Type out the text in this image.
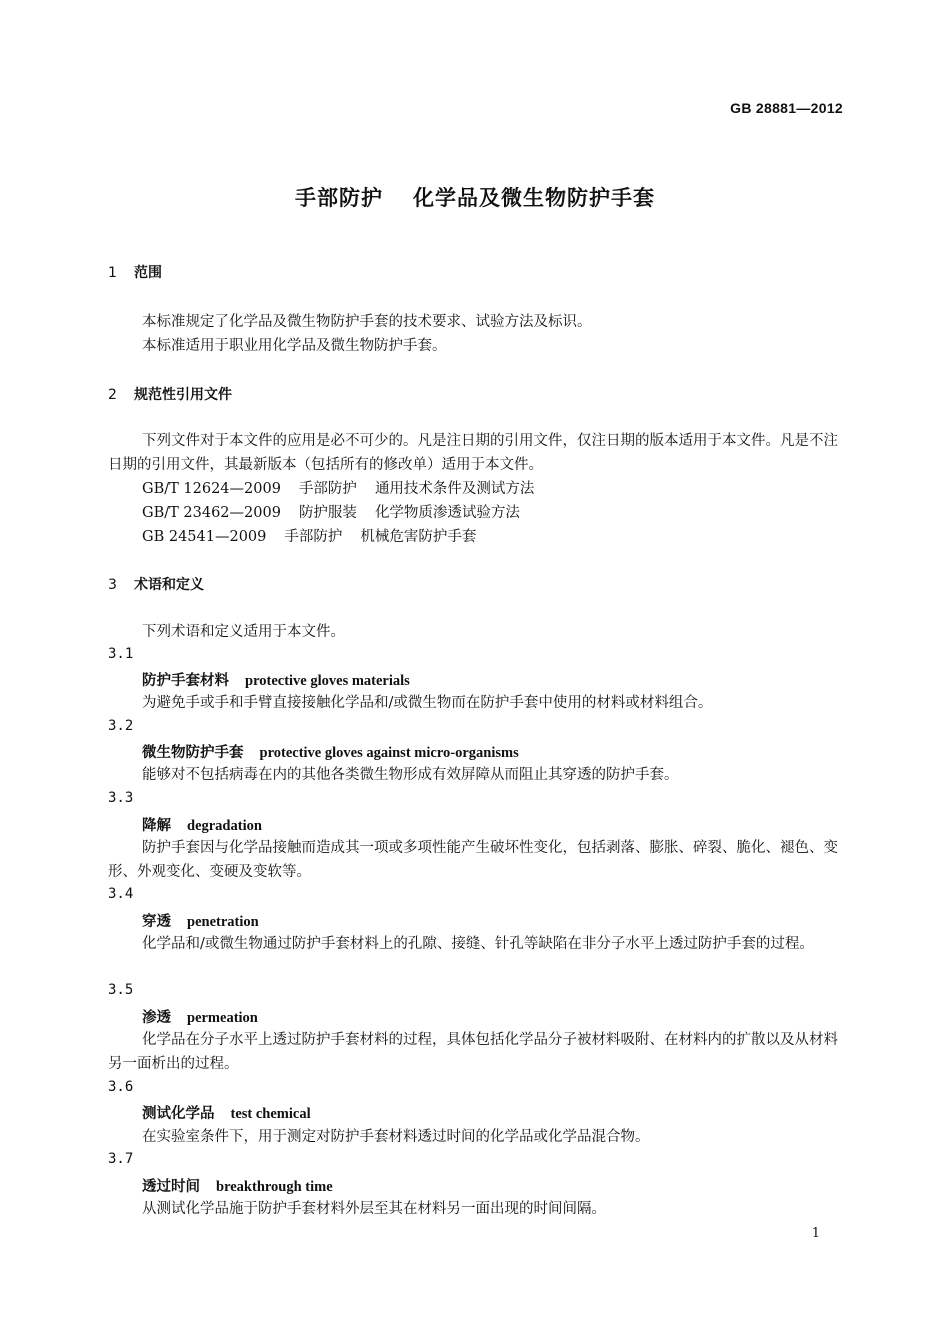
GB 28881—2012
手部防护 化学品及微生物防护手套
1 范围
本标准规定了化学品及微生物防护手套的技术要求、试验方法及标识。
本标准适用于职业用化学品及微生物防护手套。
2 规范性引用文件
下列文件对于本文件的应用是必不可少的。凡是注日期的引用文件，仅注日期的版本适用于本文件。凡是不注日期的引用文件，其最新版本（包括所有的修改单）适用于本文件。
GB/T 12624—2009 手部防护 通用技术条件及测试方法
GB/T 23462—2009 防护服装 化学物质渗透试验方法
GB 24541—2009 手部防护 机械危害防护手套
3 术语和定义
下列术语和定义适用于本文件。
3.1
防护手套材料 protective gloves materials
为避免手或手和手臂直接接触化学品和/或微生物而在防护手套中使用的材料或材料组合。
3.2
微生物防护手套 protective gloves against micro-organisms
能够对不包括病毒在内的其他各类微生物形成有效屏障从而阻止其穿透的防护手套。
3.3
降解 degradation
防护手套因与化学品接触而造成其一项或多项性能产生破坏性变化，包括剥落、膨胀、碎裂、脆化、褪色、变形、外观变化、变硬及变软等。
3.4
穿透 penetration
化学品和/或微生物通过防护手套材料上的孔隙、接缝、针孔等缺陷在非分子水平上透过防护手套的过程。
3.5
渗透 permeation
化学品在分子水平上透过防护手套材料的过程，具体包括化学品分子被材料吸附、在材料内的扩散以及从材料另一面析出的过程。
3.6
测试化学品 test chemical
在实验室条件下，用于测定对防护手套材料透过时间的化学品或化学品混合物。
3.7
透过时间 breakthrough time
从测试化学品施于防护手套材料外层至其在材料另一面出现的时间间隔。
1
